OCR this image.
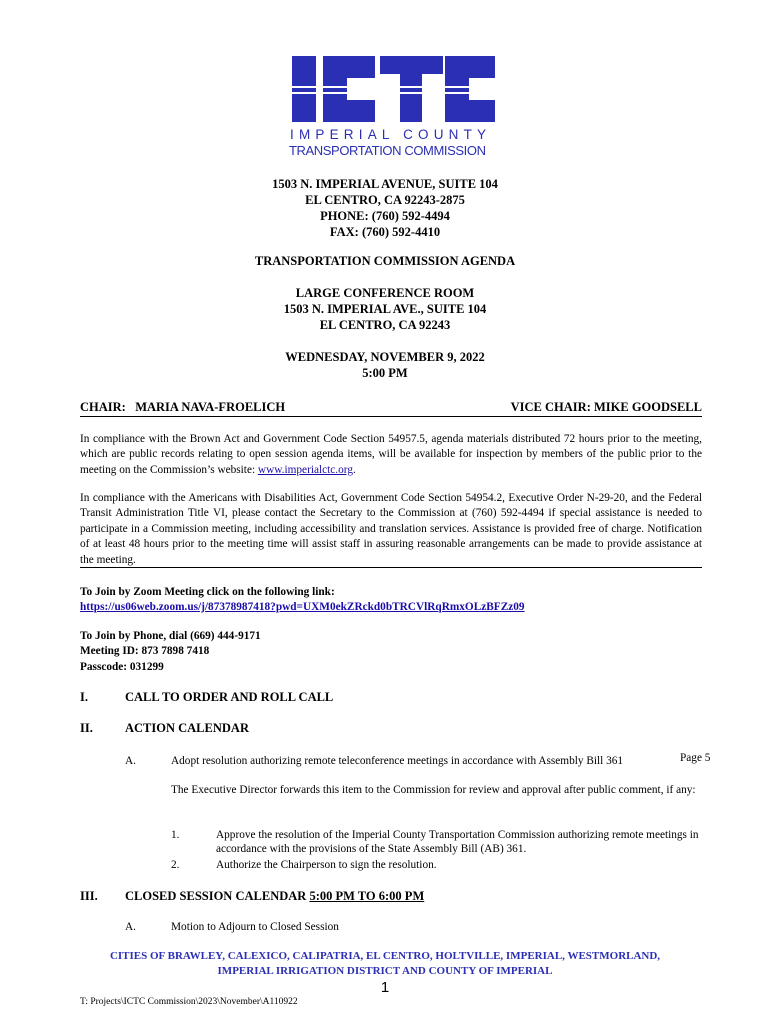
IMPERIAL COUNTY
TRANSPORTATION COMMISSION
1503 N. IMPERIAL AVENUE, SUITE 104
EL CENTRO, CA 92243-2875
PHONE: (760) 592-4494
FAX: (760) 592-4410
TRANSPORTATION COMMISSION AGENDA
LARGE CONFERENCE ROOM
1503 N. IMPERIAL AVE., SUITE 104
EL CENTRO, CA 92243
WEDNESDAY, NOVEMBER 9, 2022
5:00 PM
CHAIR:   MARIA NAVA-FROELICH	VICE CHAIR: MIKE GOODSELL
In compliance with the Brown Act and Government Code Section 54957.5, agenda materials distributed 72 hours prior to the meeting, which are public records relating to open session agenda items, will be available for inspection by members of the public prior to the meeting on the Commission’s website: www.imperialctc.org.
In compliance with the Americans with Disabilities Act, Government Code Section 54954.2, Executive Order N-29-20, and the Federal Transit Administration Title VI, please contact the Secretary to the Commission at (760) 592-4494 if special assistance is needed to participate in a Commission meeting, including accessibility and translation services. Assistance is provided free of charge. Notification of at least 48 hours prior to the meeting time will assist staff in assuring reasonable arrangements can be made to provide assistance at the meeting.
To Join by Zoom Meeting click on the following link:
https://us06web.zoom.us/j/87378987418?pwd=UXM0ekZRckd0bTRCVlRqRmxOLzBFZz09
To Join by Phone, dial (669) 444-9171
Meeting ID: 873 7898 7418
Passcode: 031299
I.	CALL TO ORDER AND ROLL CALL
II.	ACTION CALENDAR
A.	Adopt resolution authorizing remote teleconference meetings in accordance with Assembly Bill 361	Page 5
The Executive Director forwards this item to the Commission for review and approval after public comment, if any:
1.	Approve the resolution of the Imperial County Transportation Commission authorizing remote meetings in accordance with the provisions of the State Assembly Bill (AB) 361.
2.	Authorize the Chairperson to sign the resolution.
III. CLOSED SESSION CALENDAR 5:00 PM TO 6:00 PM
A.	Motion to Adjourn to Closed Session
CITIES OF BRAWLEY, CALEXICO, CALIPATRIA, EL CENTRO, HOLTVILLE, IMPERIAL, WESTMORLAND,
IMPERIAL IRRIGATION DISTRICT AND COUNTY OF IMPERIAL
1
T: Projects\ICTC Commission\2023\November\A110922
